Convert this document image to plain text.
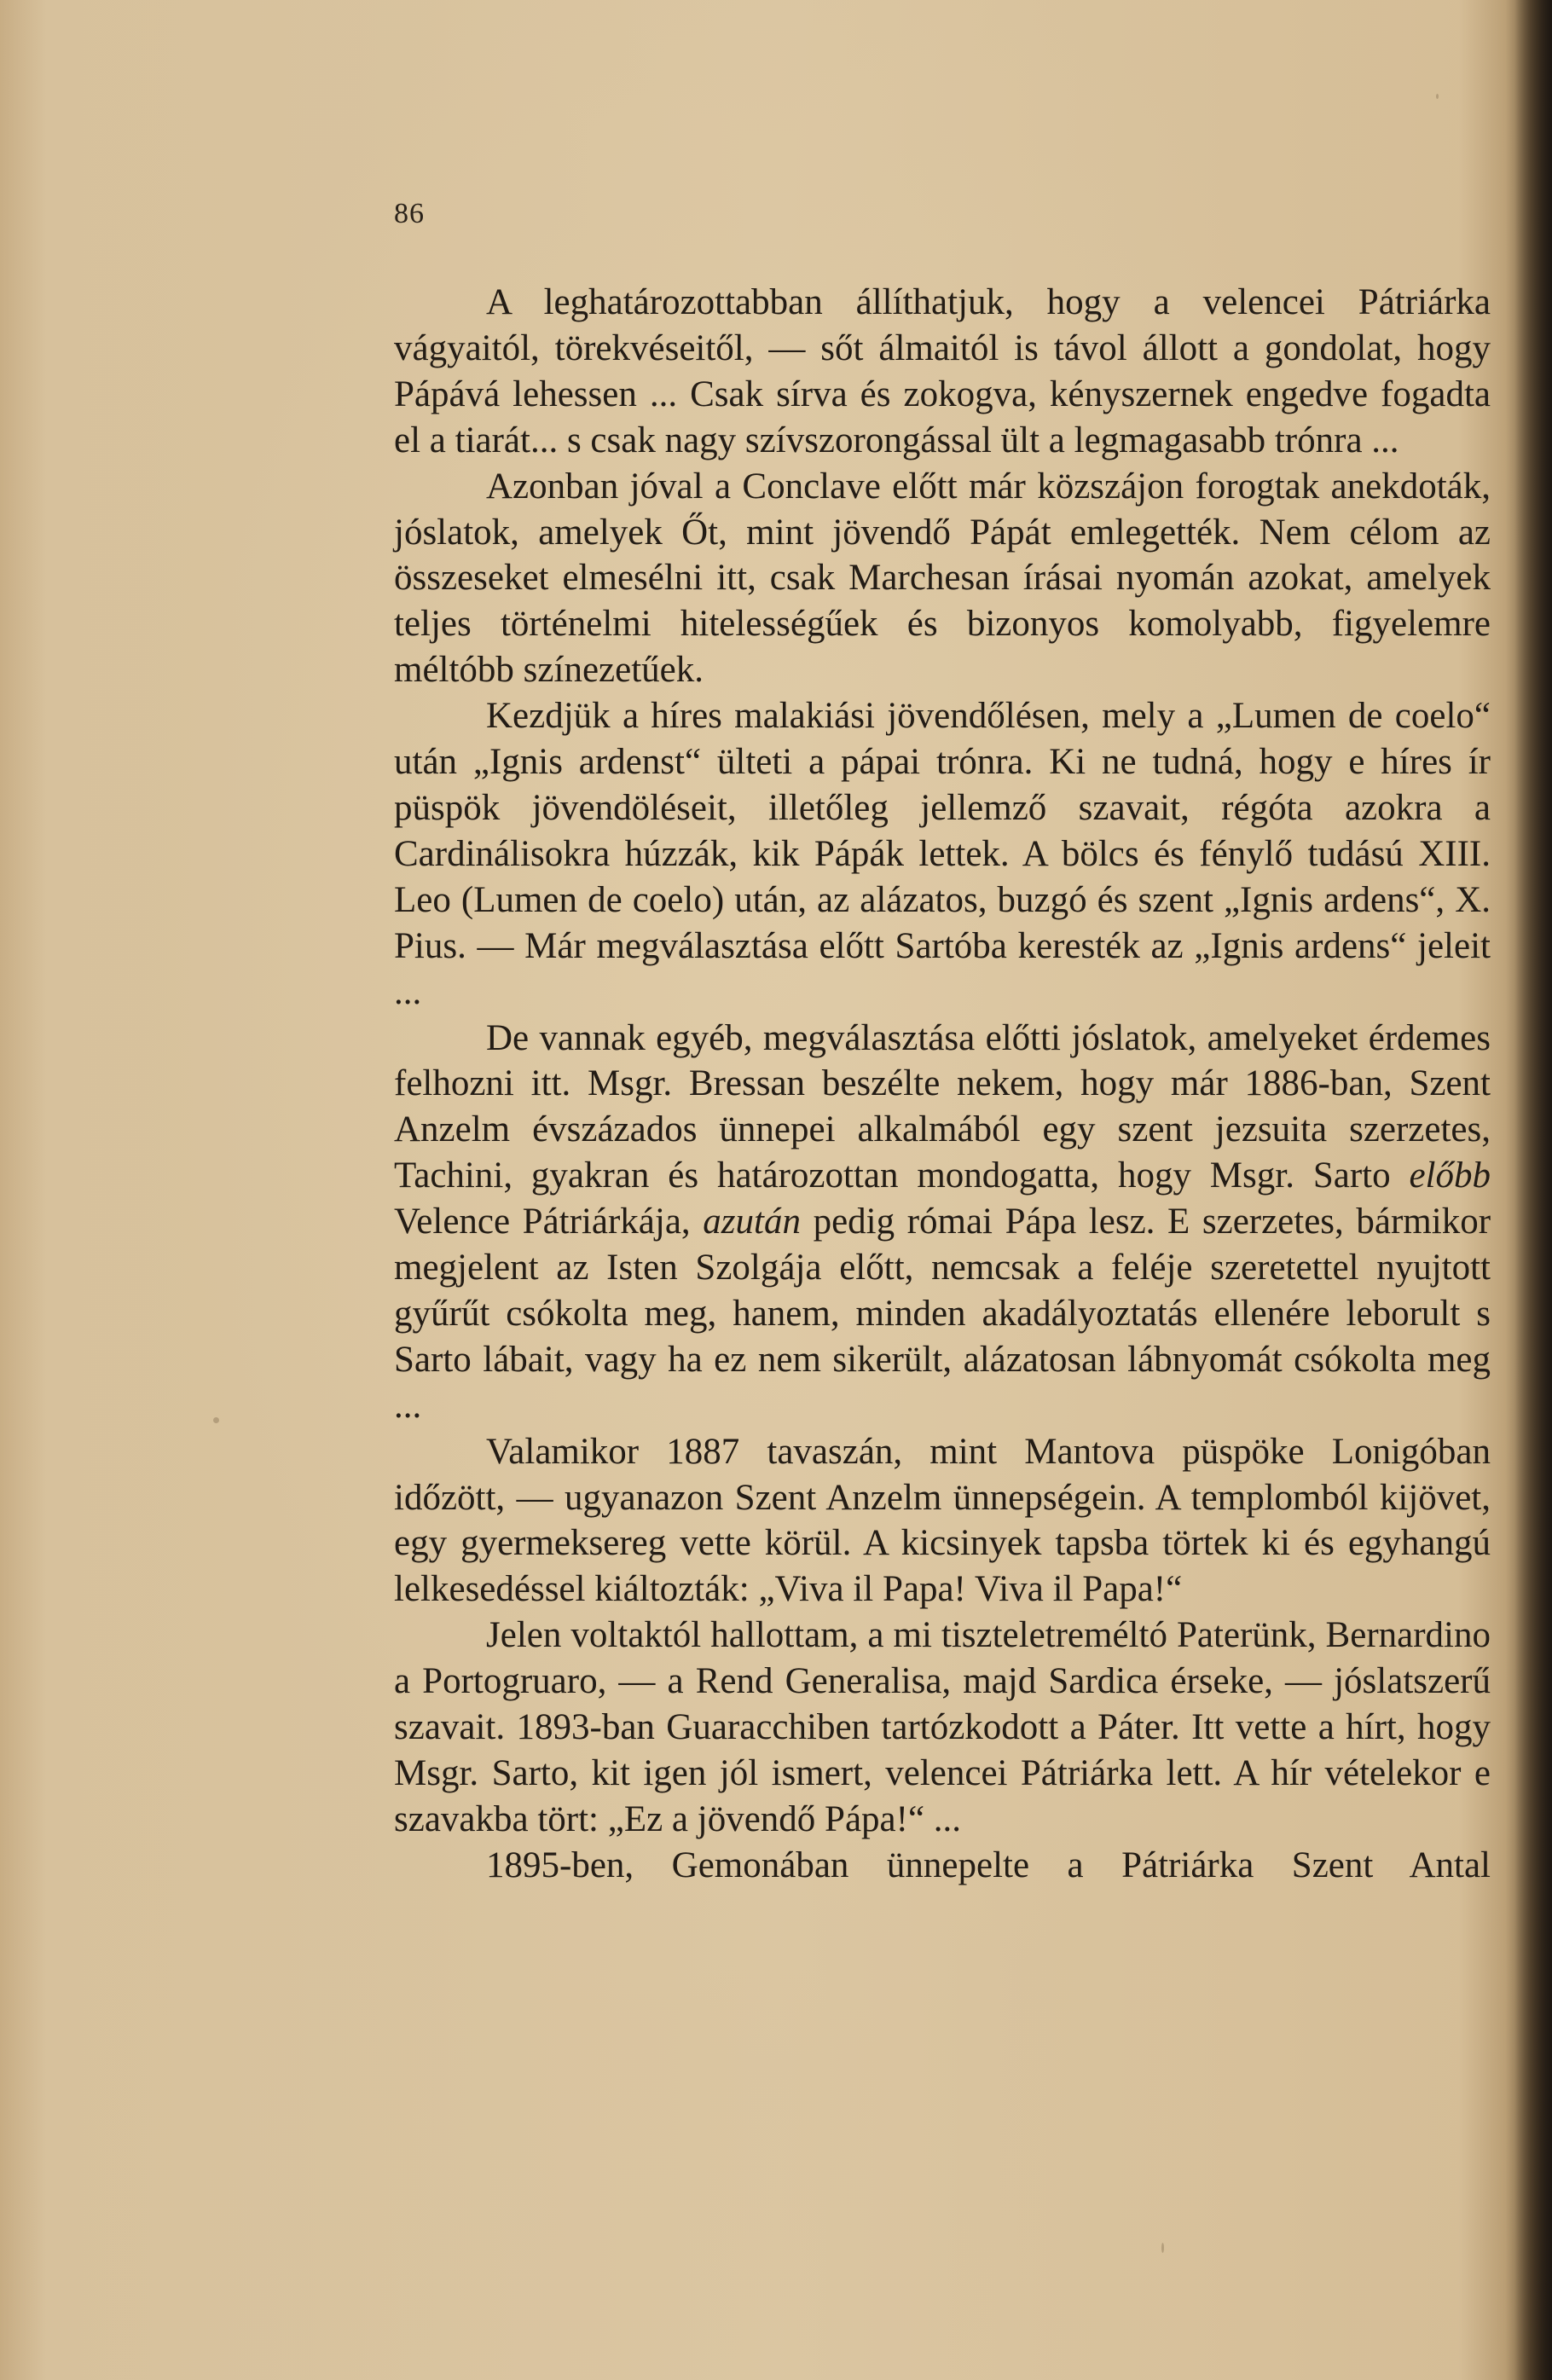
86

A leghatározottabban állíthatjuk, hogy a velencei Pátriárka vágyaitól, törekvéseitől, — sőt álmaitól is távol állott a gondolat, hogy Pápává lehessen ... Csak sírva és zokogva, kényszernek engedve fogadta el a tiarát... s csak nagy szívszorongással ült a legmagasabb trónra ...

Azonban jóval a Conclave előtt már közszájon forogtak anekdoták, jóslatok, amelyek Őt, mint jövendő Pápát emlegették. Nem célom az összeseket elmesélni itt, csak Marchesan írásai nyomán azokat, amelyek teljes történelmi hitelességűek és bizonyos komolyabb, figyelemre méltóbb színezetűek.

Kezdjük a híres malakiási jövendőlésen, mely a „Lumen de coelo“ után „Ignis ardenst“ ülteti a pápai trónra. Ki ne tudná, hogy e híres ír püspök jövendöléseit, illetőleg jellemző szavait, régóta azokra a Cardinálisokra húzzák, kik Pápák lettek. A bölcs és fénylő tudású XIII. Leo (Lumen de coelo) után, az alázatos, buzgó és szent „Ignis ardens“, X. Pius. — Már megválasztása előtt Sartóba keresték az „Ignis ardens“ jeleit ...

De vannak egyéb, megválasztása előtti jóslatok, amelyeket érdemes felhozni itt. Msgr. Bressan beszélte nekem, hogy már 1886-ban, Szent Anzelm évszázados ünnepei alkalmából egy szent jezsuita szerzetes, Tachini, gyakran és határozottan mondogatta, hogy Msgr. Sarto előbb Velence Pátriárkája, azután pedig római Pápa lesz. E szerzetes, bármikor megjelent az Isten Szolgája előtt, nemcsak a feléje szeretettel nyujtott gyűrűt csókolta meg, hanem, minden akadályoztatás ellenére leborult s Sarto lábait, vagy ha ez nem sikerült, alázatosan lábnyomát csókolta meg ...

Valamikor 1887 tavaszán, mint Mantova püspöke Lonigóban időzött, — ugyanazon Szent Anzelm ünnepségein. A templomból kijövet, egy gyermeksereg vette körül. A kicsinyek tapsba törtek ki és egyhangú lelkesedéssel kiáltozták: „Viva il Papa! Viva il Papa!“

Jelen voltaktól hallottam, a mi tiszteletreméltó Paterünk, Bernardino a Portogruaro, — a Rend Generalisa, majd Sardica érseke, — jóslatszerű szavait. 1893-ban Guaracchiben tartózkodott a Páter. Itt vette a hírt, hogy Msgr. Sarto, kit igen jól ismert, velencei Pátriárka lett. A hír vételekor e szavakba tört: „Ez a jövendő Pápa!“ ...

1895-ben, Gemonában ünnepelte a Pátriárka Szent Antal
